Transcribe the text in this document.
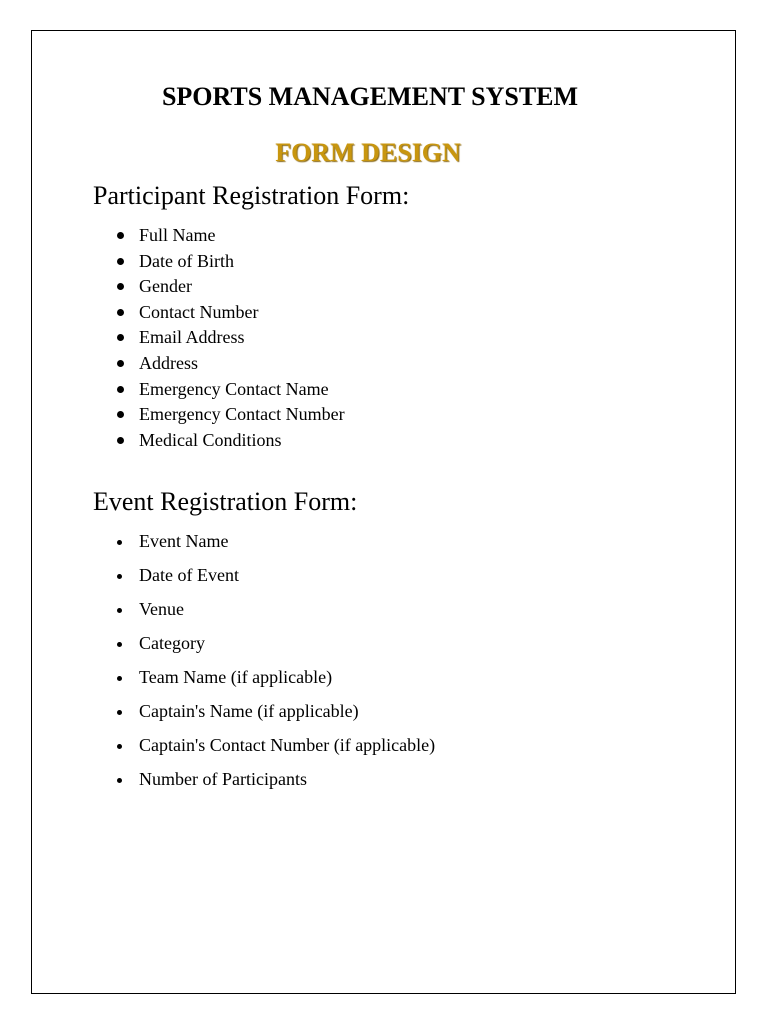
SPORTS MANAGEMENT SYSTEM
FORM DESIGN
Participant Registration Form:
Full Name
Date of Birth
Gender
Contact Number
Email Address
Address
Emergency Contact Name
Emergency Contact Number
Medical Conditions
Event Registration Form:
Event Name
Date of Event
Venue
Category
Team Name (if applicable)
Captain's Name (if applicable)
Captain's Contact Number (if applicable)
Number of Participants
